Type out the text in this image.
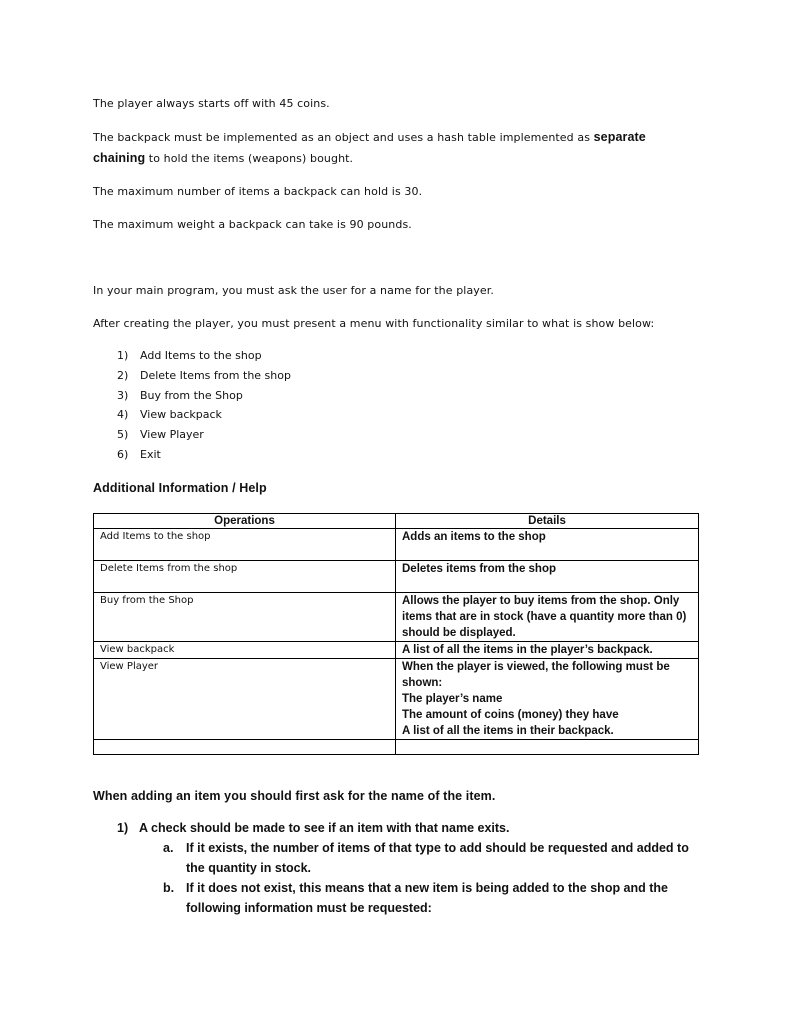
The player always starts off with 45 coins.

The backpack must be implemented as an object and uses a hash table implemented as separate chaining to hold the items (weapons) bought.

The maximum number of items a backpack can hold is 30.

The maximum weight a backpack can take is 90 pounds.

In your main program, you must ask the user for a name for the player.

After creating the player, you must present a menu with functionality similar to what is show below:

1)	Add Items to the shop
2)	Delete Items from the shop
3)	Buy from the Shop
4)	View backpack
5)	View Player
6)	Exit

Additional Information / Help

Operations	Details
Add Items to the shop	Adds an items to the shop
Delete Items from the shop	Deletes items from the shop
Buy from the Shop	Allows the player to buy items from the shop. Only items that are in stock (have a quantity more than 0) should be displayed.
View backpack	A list of all the items in the player’s backpack.
View Player	When the player is viewed, the following must be shown:
The player’s name
The amount of coins (money) they have
A list of all the items in their backpack.

When adding an item you should first ask for the name of the item.

1) A check should be made to see if an item with that name exits.
a.	If it exists, the number of items of that type to add should be requested and added to the quantity in stock.
b. If it does not exist, this means that a new item is being added to the shop and the following information must be requested:
